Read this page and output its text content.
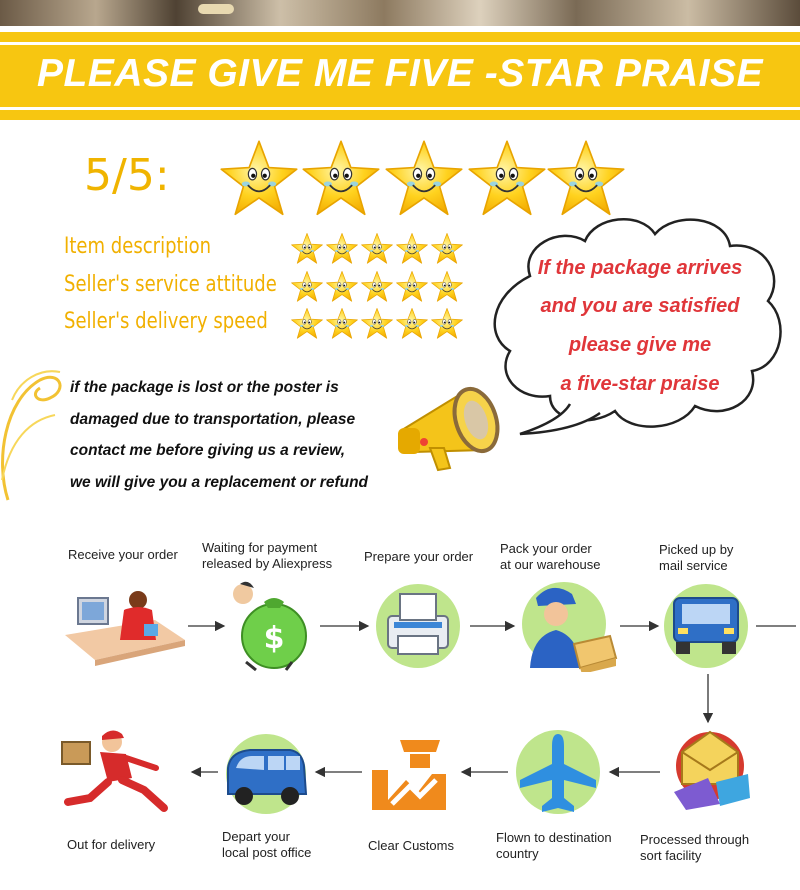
PLEASE GIVE ME FIVE -STAR PRAISE
5/5:
Item description
Seller's service attitude
Seller's delivery speed
If the package arrives
and you are satisfied
please give me
a five-star praise
if the package is lost or the poster is
damaged due to transportation, please
contact me before giving us a review,
we will give you a replacement or refund
Receive your order Waiting for payment
released by Aliexpress Prepare your order
Pack your order
at our warehouse
Picked up by
mail service
Processed through
sort facility
Flown to destination
country
Clear Customs
Depart your
local post office
Out for delivery
$
